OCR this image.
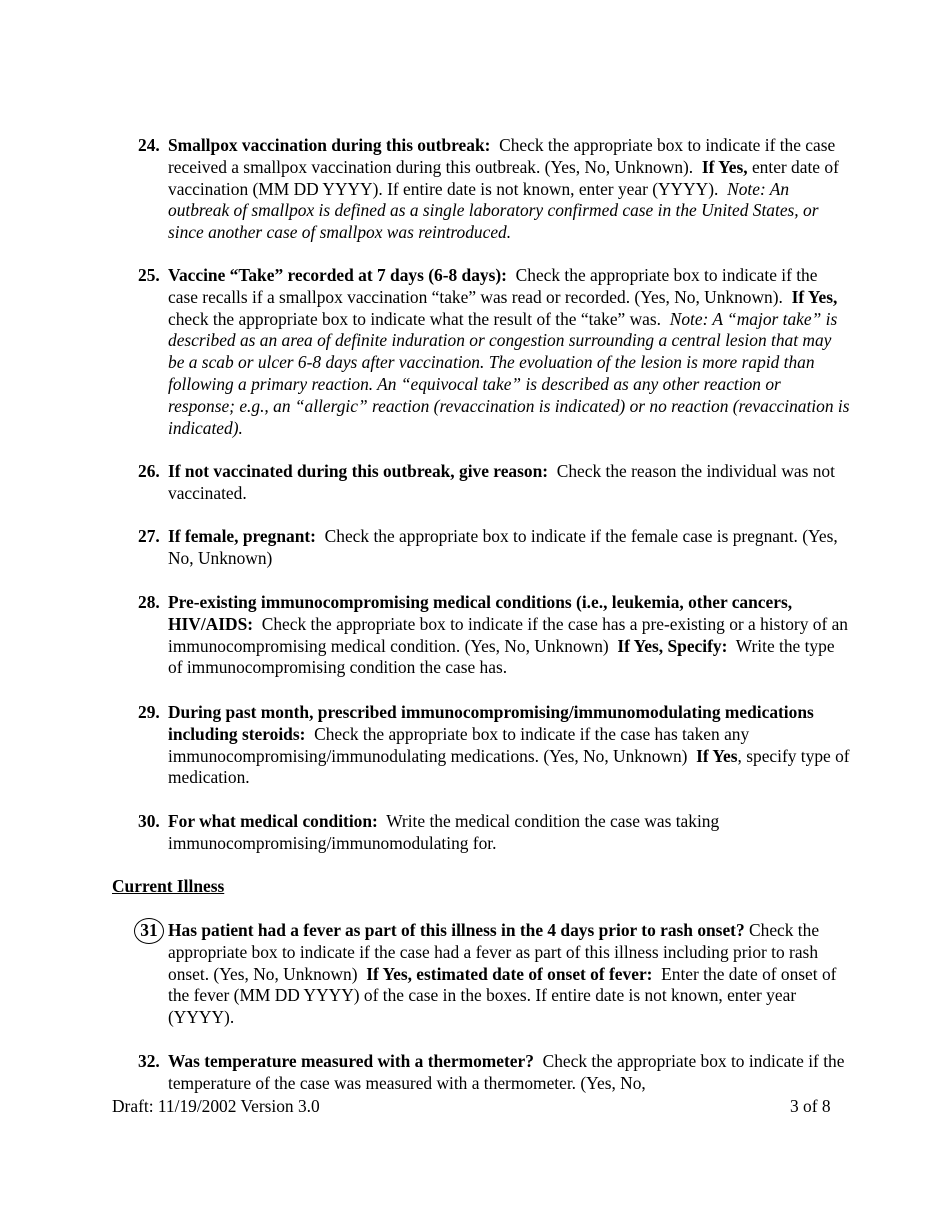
24. Smallpox vaccination during this outbreak: Check the appropriate box to indicate if the case received a smallpox vaccination during this outbreak. (Yes, No, Unknown). If Yes, enter date of vaccination (MM DD YYYY). If entire date is not known, enter year (YYYY). Note: An outbreak of smallpox is defined as a single laboratory confirmed case in the United States, or since another case of smallpox was reintroduced.
25. Vaccine “Take” recorded at 7 days (6-8 days): Check the appropriate box to indicate if the case recalls if a smallpox vaccination “take” was read or recorded. (Yes, No, Unknown). If Yes, check the appropriate box to indicate what the result of the “take” was. Note: A “major take” is described as an area of definite induration or congestion surrounding a central lesion that may be a scab or ulcer 6-8 days after vaccination. The evoluation of the lesion is more rapid than following a primary reaction. An “equivocal take” is described as any other reaction or response; e.g., an “allergic” reaction (revaccination is indicated) or no reaction (revaccination is indicated).
26. If not vaccinated during this outbreak, give reason: Check the reason the individual was not vaccinated.
27. If female, pregnant: Check the appropriate box to indicate if the female case is pregnant. (Yes, No, Unknown)
28. Pre-existing immunocompromising medical conditions (i.e., leukemia, other cancers, HIV/AIDS: Check the appropriate box to indicate if the case has a pre-existing or a history of an immunocompromising medical condition. (Yes, No, Unknown) If Yes, Specify: Write the type of immunocompromising condition the case has.
29. During past month, prescribed immunocompromising/immunomodulating medications including steroids: Check the appropriate box to indicate if the case has taken any immunocompromising/immunodulating medications. (Yes, No, Unknown) If Yes, specify type of medication.
30. For what medical condition: Write the medical condition the case was taking immunocompromising/immunomodulating for.
Current Illness
31 Has patient had a fever as part of this illness in the 4 days prior to rash onset? Check the appropriate box to indicate if the case had a fever as part of this illness including prior to rash onset. (Yes, No, Unknown) If Yes, estimated date of onset of fever: Enter the date of onset of the fever (MM DD YYYY) of the case in the boxes. If entire date is not known, enter year (YYYY).
32. Was temperature measured with a thermometer? Check the appropriate box to indicate if the temperature of the case was measured with a thermometer. (Yes, No,
Draft: 11/19/2002 Version 3.0	3 of 8
